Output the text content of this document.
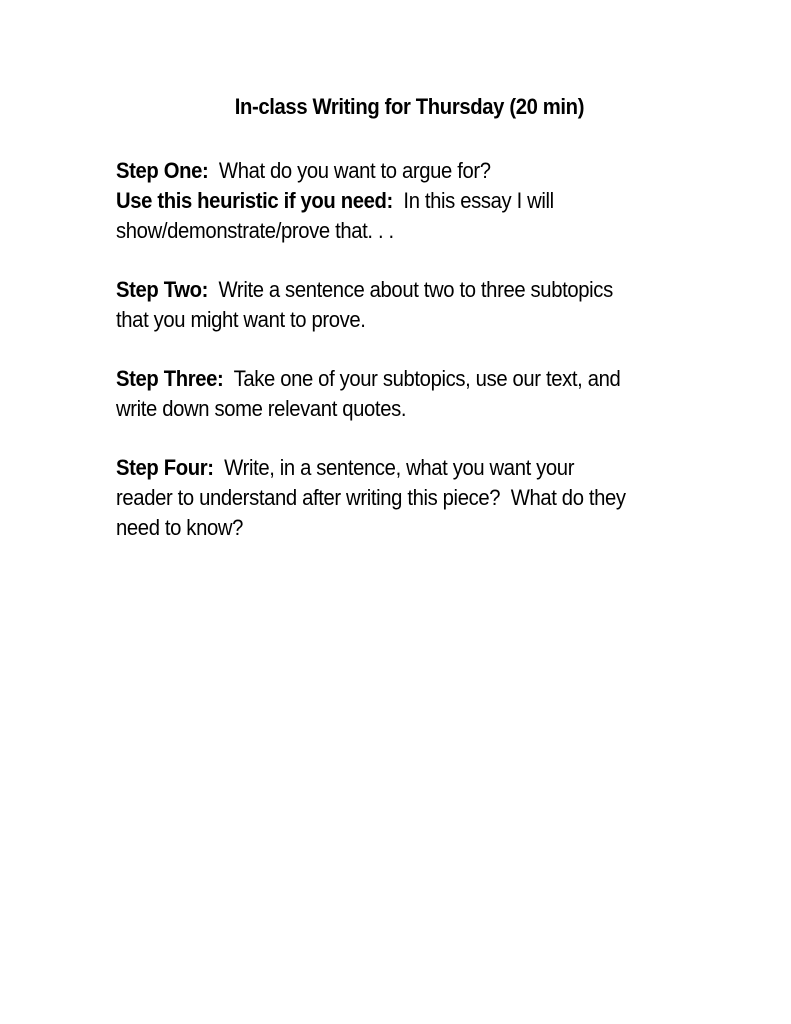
In-class Writing for Thursday (20 min)
Step One:  What do you want to argue for?
Use this heuristic if you need:  In this essay I will
show/demonstrate/prove that. . .
Step Two:  Write a sentence about two to three subtopics
that you might want to prove.
Step Three:  Take one of your subtopics, use our text, and
write down some relevant quotes.
Step Four:  Write, in a sentence, what you want your
reader to understand after writing this piece?  What do they
need to know?
